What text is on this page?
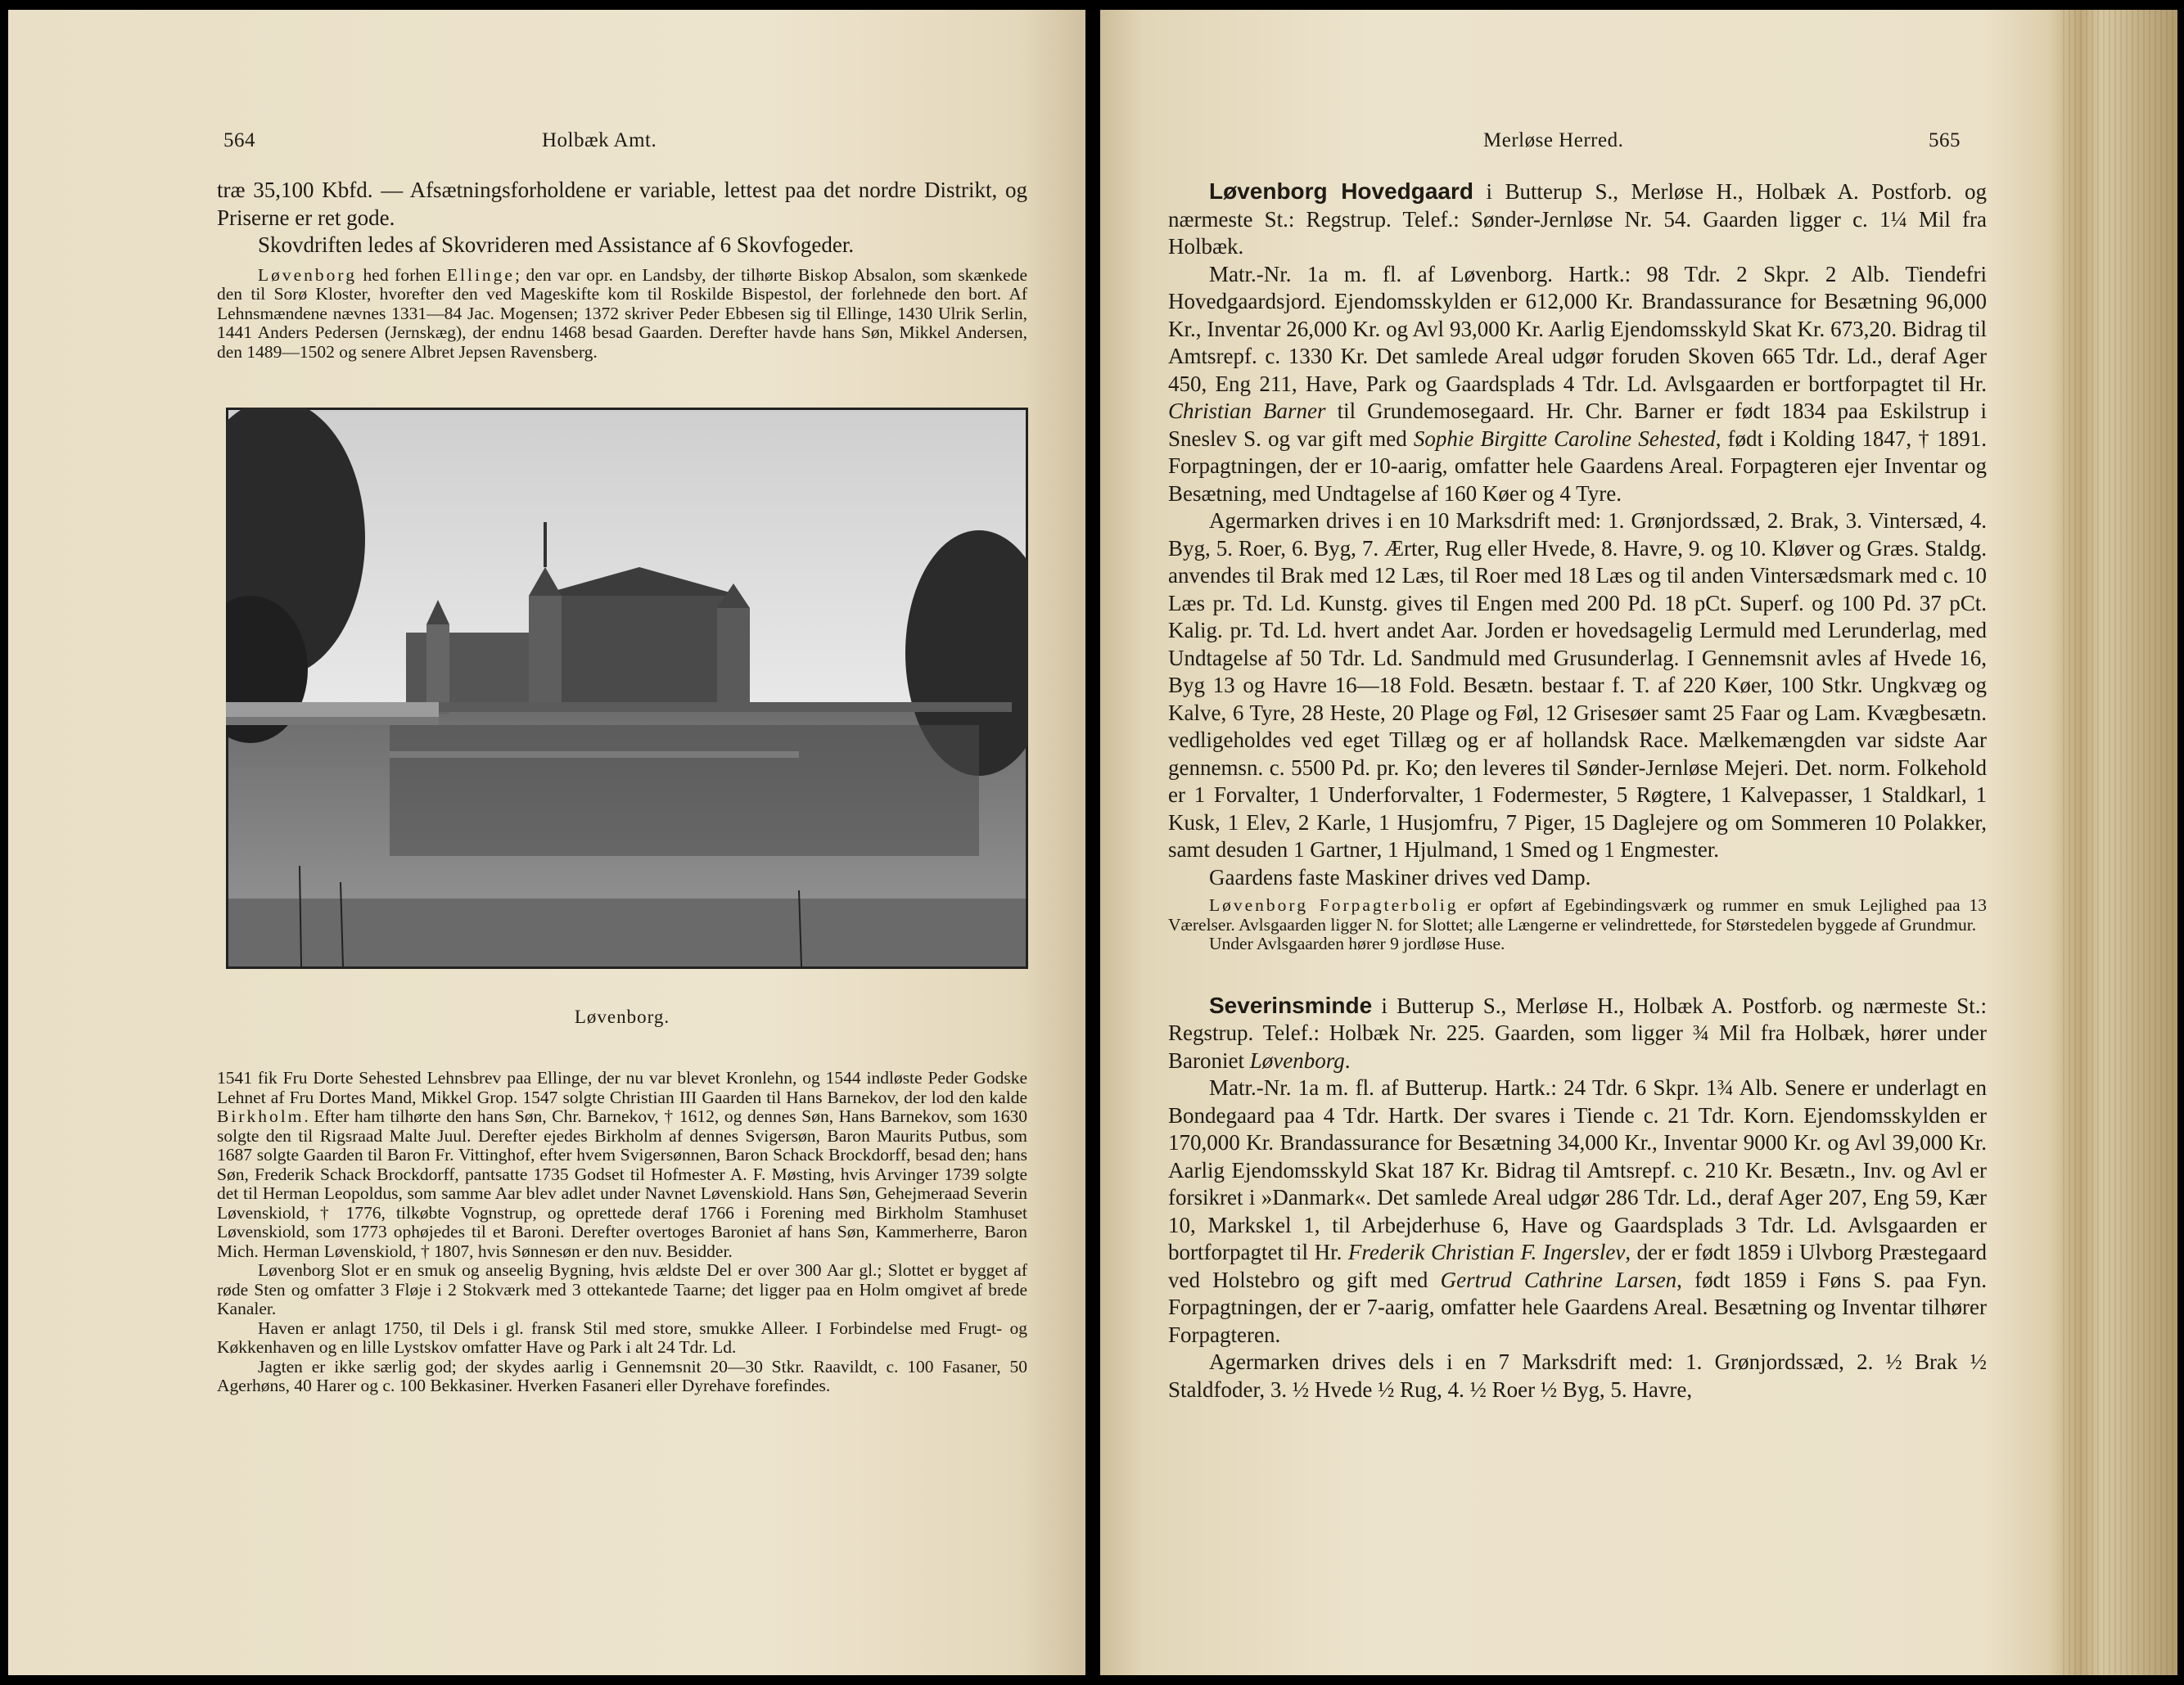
564	Holbæk Amt.

træ 35,100 Kbfd. — Afsætningsforholdene er variable, lettest paa det nordre Distrikt, og Priserne er ret gode.

Skovdriften ledes af Skovrideren med Assistance af 6 Skovfogeder.

Løvenborg hed forhen Ellinge; den var opr. en Landsby, der tilhørte Biskop Absalon, som skænkede den til Sorø Kloster, hvorefter den ved Mageskifte kom til Roskilde Bispestol, der forlehnede den bort. Af Lehnsmændene nævnes 1331—84 Jac. Mogensen; 1372 skriver Peder Ebbesen sig til Ellinge, 1430 Ulrik Serlin, 1441 Anders Pedersen (Jernskæg), der endnu 1468 besad Gaarden. Derefter havde hans Søn, Mikkel Andersen, den 1489—1502 og senere Albret Jepsen Ravensberg.

Løvenborg.

1541 fik Fru Dorte Sehested Lehnsbrev paa Ellinge, der nu var blevet Kronlehn, og 1544 indløste Peder Godske Lehnet af Fru Dortes Mand, Mikkel Grop. 1547 solgte Christian III Gaarden til Hans Barnekov, der lod den kalde Birkholm. Efter ham tilhørte den hans Søn, Chr. Barnekov, † 1612, og dennes Søn, Hans Barnekov, som 1630 solgte den til Rigsraad Malte Juul. Derefter ejedes Birkholm af dennes Svigersøn, Baron Maurits Putbus, som 1687 solgte Gaarden til Baron Fr. Vittinghof, efter hvem Svigersønnen, Baron Schack Brockdorff, besad den; hans Søn, Frederik Schack Brockdorff, pantsatte 1735 Godset til Hofmester A. F. Møsting, hvis Arvinger 1739 solgte det til Herman Leopoldus, som samme Aar blev adlet under Navnet Løvenskiold. Hans Søn, Gehejmeraad Severin Løvenskiold, † 1776, tilkøbte Vognstrup, og oprettede deraf 1766 i Forening med Birkholm Stamhuset Løvenskiold, som 1773 ophøjedes til et Baroni. Derefter overtoges Baroniet af hans Søn, Kammerherre, Baron Mich. Herman Løvenskiold, † 1807, hvis Sønnesøn er den nuv. Besidder.

Løvenborg Slot er en smuk og anseelig Bygning, hvis ældste Del er over 300 Aar gl.; Slottet er bygget af røde Sten og omfatter 3 Fløje i 2 Stokværk med 3 ottekantede Taarne; det ligger paa en Holm omgivet af brede Kanaler.

Haven er anlagt 1750, til Dels i gl. fransk Stil med store, smukke Alleer. I Forbindelse med Frugt- og Køkkenhaven og en lille Lystskov omfatter Have og Park i alt 24 Tdr. Ld.

Jagten er ikke særlig god; der skydes aarlig i Gennemsnit 20—30 Stkr. Raavildt, c. 100 Fasaner, 50 Agerhøns, 40 Harer og c. 100 Bekkasiner. Hverken Fasaneri eller Dyrehave forefindes.

Merløse Herred.	565

Løvenborg Hovedgaard i Butterup S., Merløse H., Holbæk A. Postforb. og nærmeste St.: Regstrup. Telef.: Sønder-Jernløse Nr. 54. Gaarden ligger c. 1¼ Mil fra Holbæk.

Matr.-Nr. 1a m. fl. af Løvenborg. Hartk.: 98 Tdr. 2 Skpr. 2 Alb. Tiendefri Hovedgaardsjord. Ejendomsskylden er 612,000 Kr. Brandassurance for Besætning 96,000 Kr., Inventar 26,000 Kr. og Avl 93,000 Kr. Aarlig Ejendomsskyld Skat Kr. 673,20. Bidrag til Amtsrepf. c. 1330 Kr. Det samlede Areal udgør foruden Skoven 665 Tdr. Ld., deraf Ager 450, Eng 211, Have, Park og Gaardsplads 4 Tdr. Ld. Avlsgaarden er bortforpagtet til Hr. Christian Barner til Grundemosegaard. Hr. Chr. Barner er født 1834 paa Eskilstrup i Sneslev S. og var gift med Sophie Birgitte Caroline Sehested, født i Kolding 1847, † 1891. Forpagtningen, der er 10-aarig, omfatter hele Gaardens Areal. Forpagteren ejer Inventar og Besætning, med Undtagelse af 160 Køer og 4 Tyre.

Agermarken drives i en 10 Marksdrift med: 1. Grønjordssæd, 2. Brak, 3. Vintersæd, 4. Byg, 5. Roer, 6. Byg, 7. Ærter, Rug eller Hvede, 8. Havre, 9. og 10. Kløver og Græs. Staldg. anvendes til Brak med 12 Læs, til Roer med 18 Læs og til anden Vintersædsmark med c. 10 Læs pr. Td. Ld. Kunstg. gives til Engen med 200 Pd. 18 pCt. Superf. og 100 Pd. 37 pCt. Kalig. pr. Td. Ld. hvert andet Aar. Jorden er hovedsagelig Lermuld med Lerunderlag, med Undtagelse af 50 Tdr. Ld. Sandmuld med Grusunderlag. I Gennemsnit avles af Hvede 16, Byg 13 og Havre 16—18 Fold. Besætn. bestaar f. T. af 220 Køer, 100 Stkr. Ungkvæg og Kalve, 6 Tyre, 28 Heste, 20 Plage og Føl, 12 Grisesøer samt 25 Faar og Lam. Kvægbesætn. vedligeholdes ved eget Tillæg og er af hollandsk Race. Mælkemængden var sidste Aar gennemsn. c. 5500 Pd. pr. Ko; den leveres til Sønder-Jernløse Mejeri. Det. norm. Folkehold er 1 Forvalter, 1 Underforvalter, 1 Fodermester, 5 Røgtere, 1 Kalvepasser, 1 Staldkarl, 1 Kusk, 1 Elev, 2 Karle, 1 Husjomfru, 7 Piger, 15 Daglejere og om Sommeren 10 Polakker, samt desuden 1 Gartner, 1 Hjulmand, 1 Smed og 1 Engmester.

Gaardens faste Maskiner drives ved Damp.

Løvenborg Forpagterbolig er opført af Egebindingsværk og rummer en smuk Lejlighed paa 13 Værelser. Avlsgaarden ligger N. for Slottet; alle Længerne er velindrettede, for Størstedelen byggede af Grundmur.

Under Avlsgaarden hører 9 jordløse Huse.

Severinsminde i Butterup S., Merløse H., Holbæk A. Postforb. og nærmeste St.: Regstrup. Telef.: Holbæk Nr. 225. Gaarden, som ligger ¾ Mil fra Holbæk, hører under Baroniet Løvenborg.

Matr.-Nr. 1a m. fl. af Butterup. Hartk.: 24 Tdr. 6 Skpr. 1¾ Alb. Senere er underlagt en Bondegaard paa 4 Tdr. Hartk. Der svares i Tiende c. 21 Tdr. Korn. Ejendomsskylden er 170,000 Kr. Brandassurance for Besætning 34,000 Kr., Inventar 9000 Kr. og Avl 39,000 Kr. Aarlig Ejendomsskyld Skat 187 Kr. Bidrag til Amtsrepf. c. 210 Kr. Besætn., Inv. og Avl er forsikret i »Danmark«. Det samlede Areal udgør 286 Tdr. Ld., deraf Ager 207, Eng 59, Kær 10, Markskel 1, til Arbejderhuse 6, Have og Gaardsplads 3 Tdr. Ld. Avlsgaarden er bortforpagtet til Hr. Frederik Christian F. Ingerslev, der er født 1859 i Ulvborg Præstegaard ved Holstebro og gift med Gertrud Cathrine Larsen, født 1859 i Føns S. paa Fyn. Forpagtningen, der er 7-aarig, omfatter hele Gaardens Areal. Besætning og Inventar tilhører Forpagteren.

Agermarken drives dels i en 7 Marksdrift med: 1. Grønjordssæd, 2. ½ Brak ½ Staldfoder, 3. ½ Hvede ½ Rug, 4. ½ Roer ½ Byg, 5. Havre,
